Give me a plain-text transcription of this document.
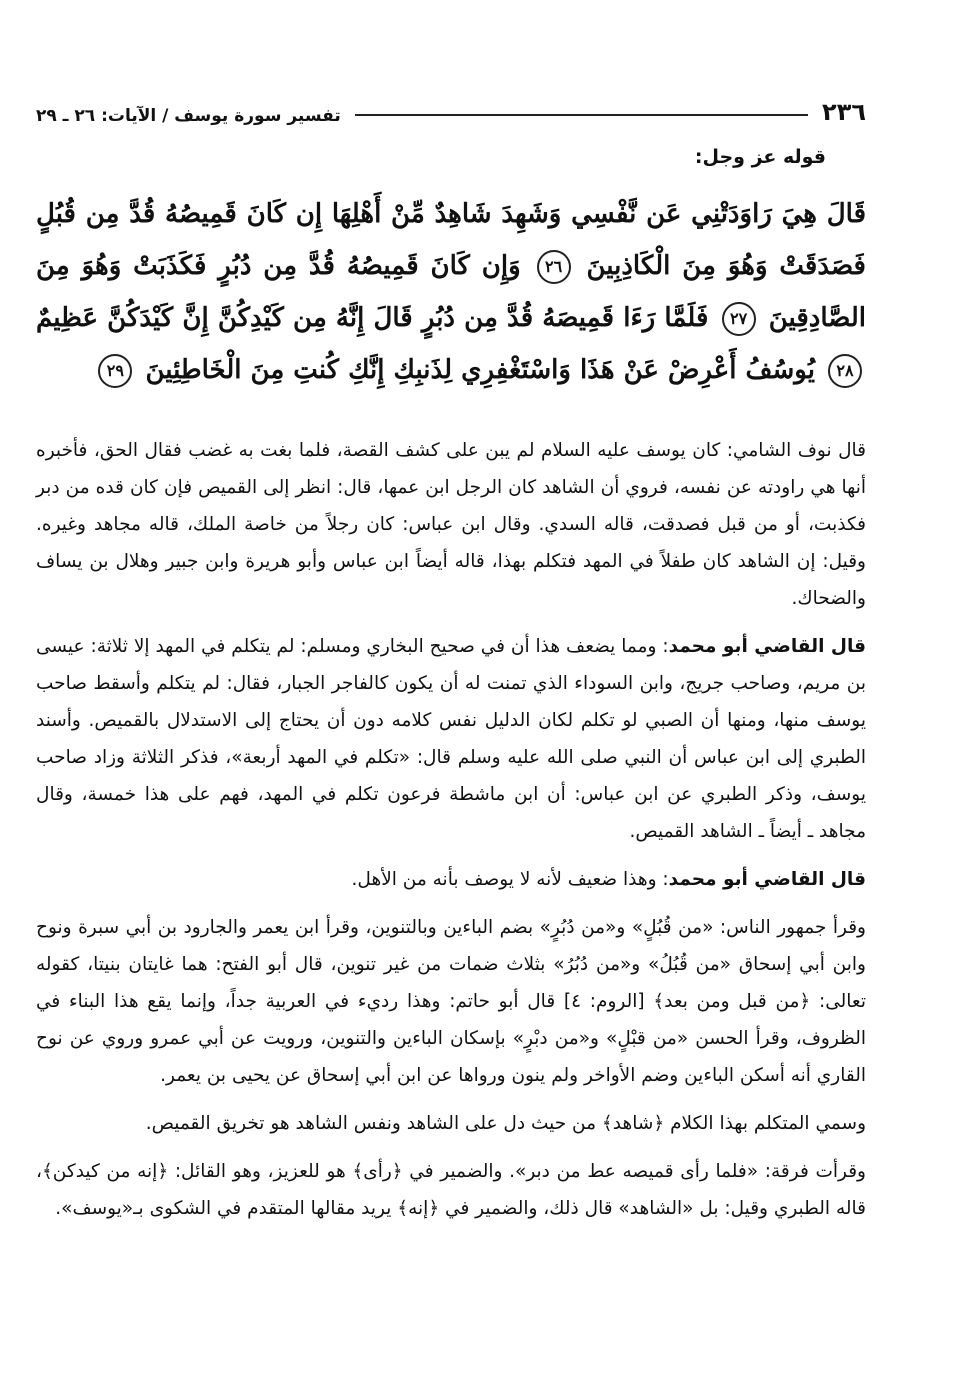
٢٣٦
تفسير سورة يوسف / الآيات: ٢٦ ـ ٢٩
قوله عز وجل:
قَالَ هِيَ رَاوَدَتْنِي عَن نَّفْسِي وَشَهِدَ شَاهِدٌ مِّنْ أَهْلِهَا إِن كَانَ قَمِيصُهُ قُدَّ مِن قُبُلٍ فَصَدَقَتْ وَهُوَ مِنَ الْكَاذِبِينَ ٢٦ وَإِن كَانَ قَمِيصُهُ قُدَّ مِن دُبُرٍ فَكَذَبَتْ وَهُوَ مِنَ الصَّادِقِينَ ٢٧ فَلَمَّا رَءَا قَمِيصَهُ قُدَّ مِن دُبُرٍ قَالَ إِنَّهُ مِن كَيْدِكُنَّ إِنَّ كَيْدَكُنَّ عَظِيمٌ ٢٨ يُوسُفُ أَعْرِضْ عَنْ هَذَا وَاسْتَغْفِرِي لِذَنبِكِ إِنَّكِ كُنتِ مِنَ الْخَاطِئِينَ ٢٩

قال نوف الشامي: كان يوسف عليه السلام لم يبن على كشف القصة، فلما بغت به غضب فقال الحق، فأخبره أنها هي راودته عن نفسه، فروي أن الشاهد كان الرجل ابن عمها، قال: انظر إلى القميص فإن كان قده من دبر فكذبت، أو من قبل فصدقت، قاله السدي. وقال ابن عباس: كان رجلاً من خاصة الملك، قاله مجاهد وغيره. وقيل: إن الشاهد كان طفلاً في المهد فتكلم بهذا، قاله أيضاً ابن عباس وأبو هريرة وابن جبير وهلال بن يساف والضحاك.

قال القاضي أبو محمد: ومما يضعف هذا أن في صحيح البخاري ومسلم: لم يتكلم في المهد إلا ثلاثة: عيسى بن مريم، وصاحب جريج، وابن السوداء الذي تمنت له أن يكون كالفاجر الجبار، فقال: لم يتكلم وأسقط صاحب يوسف منها، ومنها أن الصبي لو تكلم لكان الدليل نفس كلامه دون أن يحتاج إلى الاستدلال بالقميص. وأسند الطبري إلى ابن عباس أن النبي صلى الله عليه وسلم قال: «تكلم في المهد أربعة»، فذكر الثلاثة وزاد صاحب يوسف، وذكر الطبري عن ابن عباس: أن ابن ماشطة فرعون تكلم في المهد، فهم على هذا خمسة، وقال مجاهد ـ أيضاً ـ الشاهد القميص.

قال القاضي أبو محمد: وهذا ضعيف لأنه لا يوصف بأنه من الأهل.

وقرأ جمهور الناس: «من قُبُلٍ» و«من دُبُرٍ» بضم الباءين وبالتنوين، وقرأ ابن يعمر والجارود بن أبي سبرة ونوح وابن أبي إسحاق «من قُبُلُ» و«من دُبُرُ» بثلاث ضمات من غير تنوين، قال أبو الفتح: هما غايتان بنيتا، كقوله تعالى: ﴿من قبل ومن بعد﴾ [الروم: ٤] قال أبو حاتم: وهذا رديء في العربية جداً، وإنما يقع هذا البناء في الظروف، وقرأ الحسن «من قبْلٍ» و«من دبْرٍ» بإسكان الباءين والتنوين، ورويت عن أبي عمرو وروي عن نوح القاري أنه أسكن الباءين وضم الأواخر ولم ينون ورواها عن ابن أبي إسحاق عن يحيى بن يعمر.

وسمي المتكلم بهذا الكلام ﴿شاهد﴾ من حيث دل على الشاهد ونفس الشاهد هو تخريق القميص.

وقرأت فرقة: «فلما رأى قميصه عط من دبر». والضمير في ﴿رأى﴾ هو للعزيز، وهو القائل: ﴿إنه من كيدكن﴾، قاله الطبري وقيل: بل «الشاهد» قال ذلك، والضمير في ﴿إنه﴾ يريد مقالها المتقدم في الشكوى بـ«يوسف».
